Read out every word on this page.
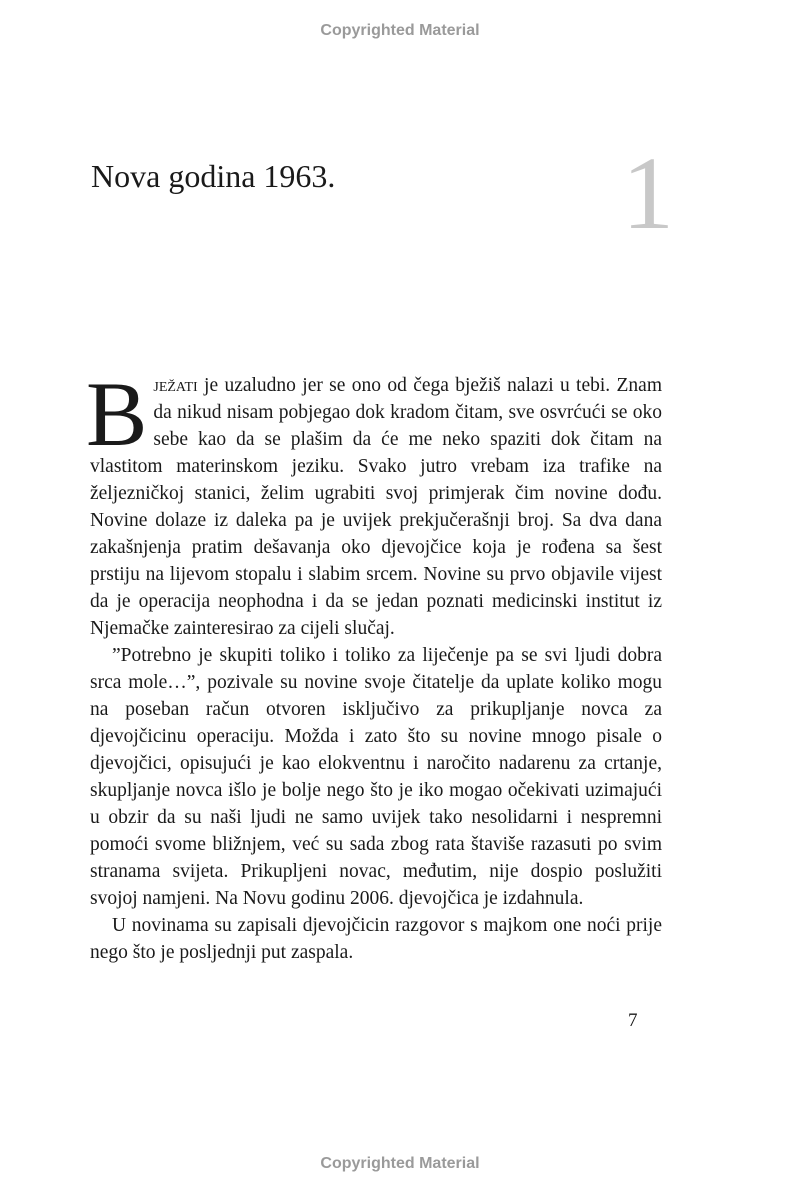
Copyrighted Material
Nova godina 1963.	1

Bježati je uzaludno jer se ono od čega bježiš nalazi u tebi. Znam da nikud nisam pobjegao dok kradom čitam, sve osvrćući se oko sebe kao da se plašim da će me neko spaziti dok čitam na vlastitom materinskom jeziku. Svako jutro vrebam iza trafike na željezničkoj stanici, želim ugrabiti svoj primjerak čim novine dođu. Novine dolaze iz daleka pa je uvijek prekjučerašnji broj. Sa dva dana zakašnjenja pratim dešavanja oko djevojčice koja je rođena sa šest prstiju na lijevom stopalu i slabim srcem. Novine su prvo objavile vijest da je operacija neophodna i da se jedan poznati medicinski institut iz Njemačke zainteresirao za cijeli slučaj.

”Potrebno je skupiti toliko i toliko za liječenje pa se svi ljudi dobra srca mole…”, pozivale su novine svoje čitatelje da uplate koliko mogu na poseban račun otvoren isključivo za prikupljanje novca za djevojčicinu operaciju. Možda i zato što su novine mnogo pisale o djevojčici, opisujući je kao elokventnu i naročito nadarenu za crtanje, skupljanje novca išlo je bolje nego što je iko mogao očekivati uzimajući u obzir da su naši ljudi ne samo uvijek tako nesolidarni i nespremni pomoći svome bližnjem, već su sada zbog rata štaviše razasuti po svim stranama svijeta. Prikupljeni novac, međutim, nije dospio poslužiti svojoj namjeni. Na Novu godinu 2006. djevojčica je izdahnula.

U novinama su zapisali djevojčicin razgovor s majkom one noći prije nego što je posljednji put zaspala.

7
Copyrighted Material
